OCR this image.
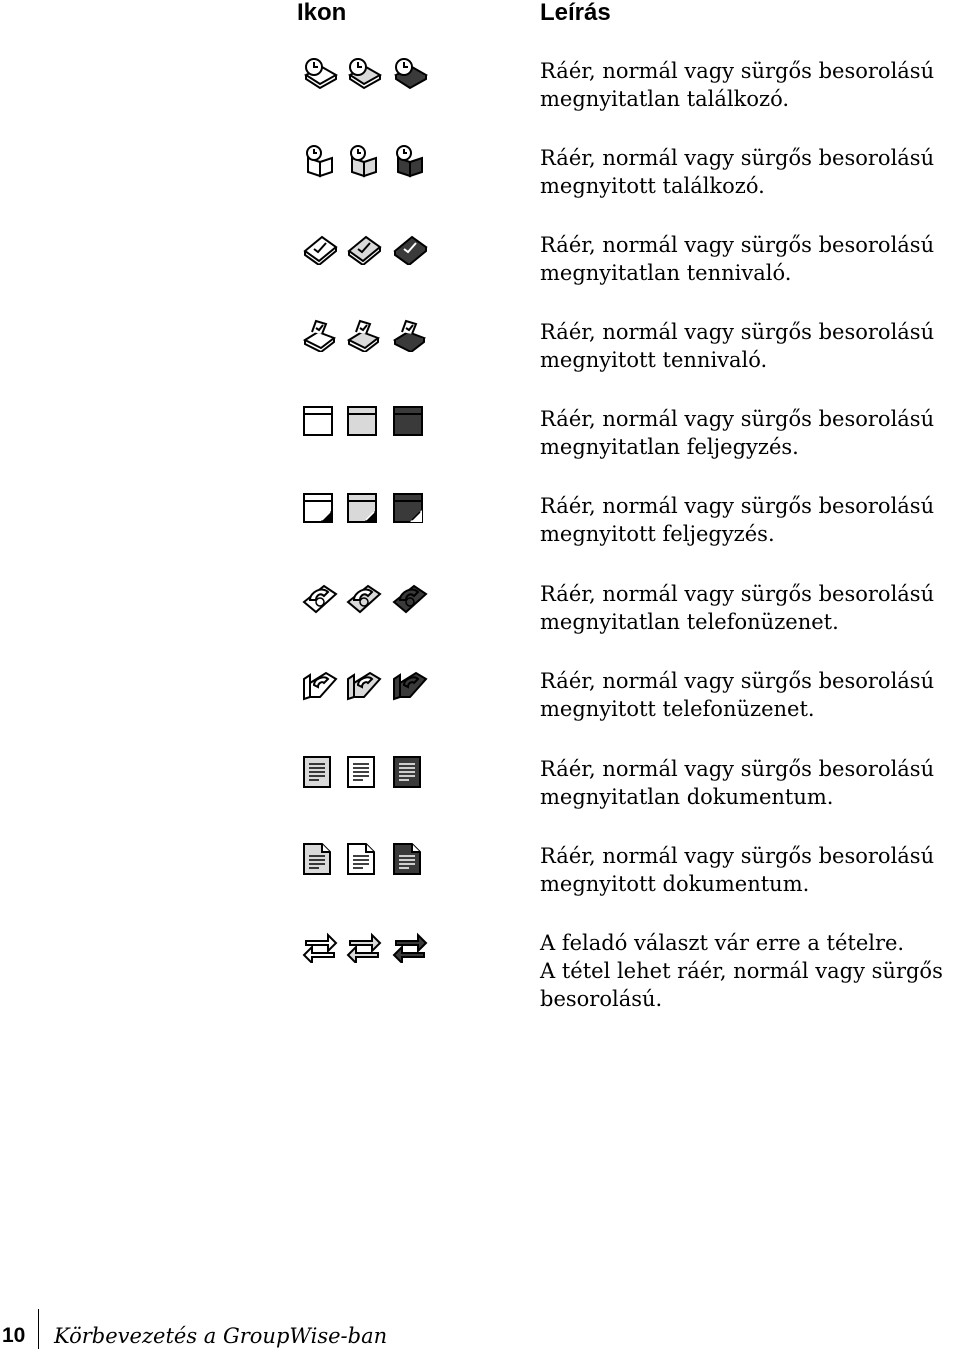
Ikon	Leírás
Ráér, normál vagy sürgős besorolású
megnyitatlan találkozó.
Ráér, normál vagy sürgős besorolású
megnyitott találkozó.
Ráér, normál vagy sürgős besorolású
megnyitatlan tennivaló.
Ráér, normál vagy sürgős besorolású
megnyitott tennivaló.
Ráér, normál vagy sürgős besorolású
megnyitatlan feljegyzés.
Ráér, normál vagy sürgős besorolású
megnyitott feljegyzés.
Ráér, normál vagy sürgős besorolású
megnyitatlan telefonüzenet.
Ráér, normál vagy sürgős besorolású
megnyitott telefonüzenet.
Ráér, normál vagy sürgős besorolású
megnyitatlan dokumentum.
Ráér, normál vagy sürgős besorolású
megnyitott dokumentum.
A feladó választ vár erre a tételre.
A tétel lehet ráér, normál vagy sürgős
besorolású.
10 Körbevezetés a GroupWise-ban
